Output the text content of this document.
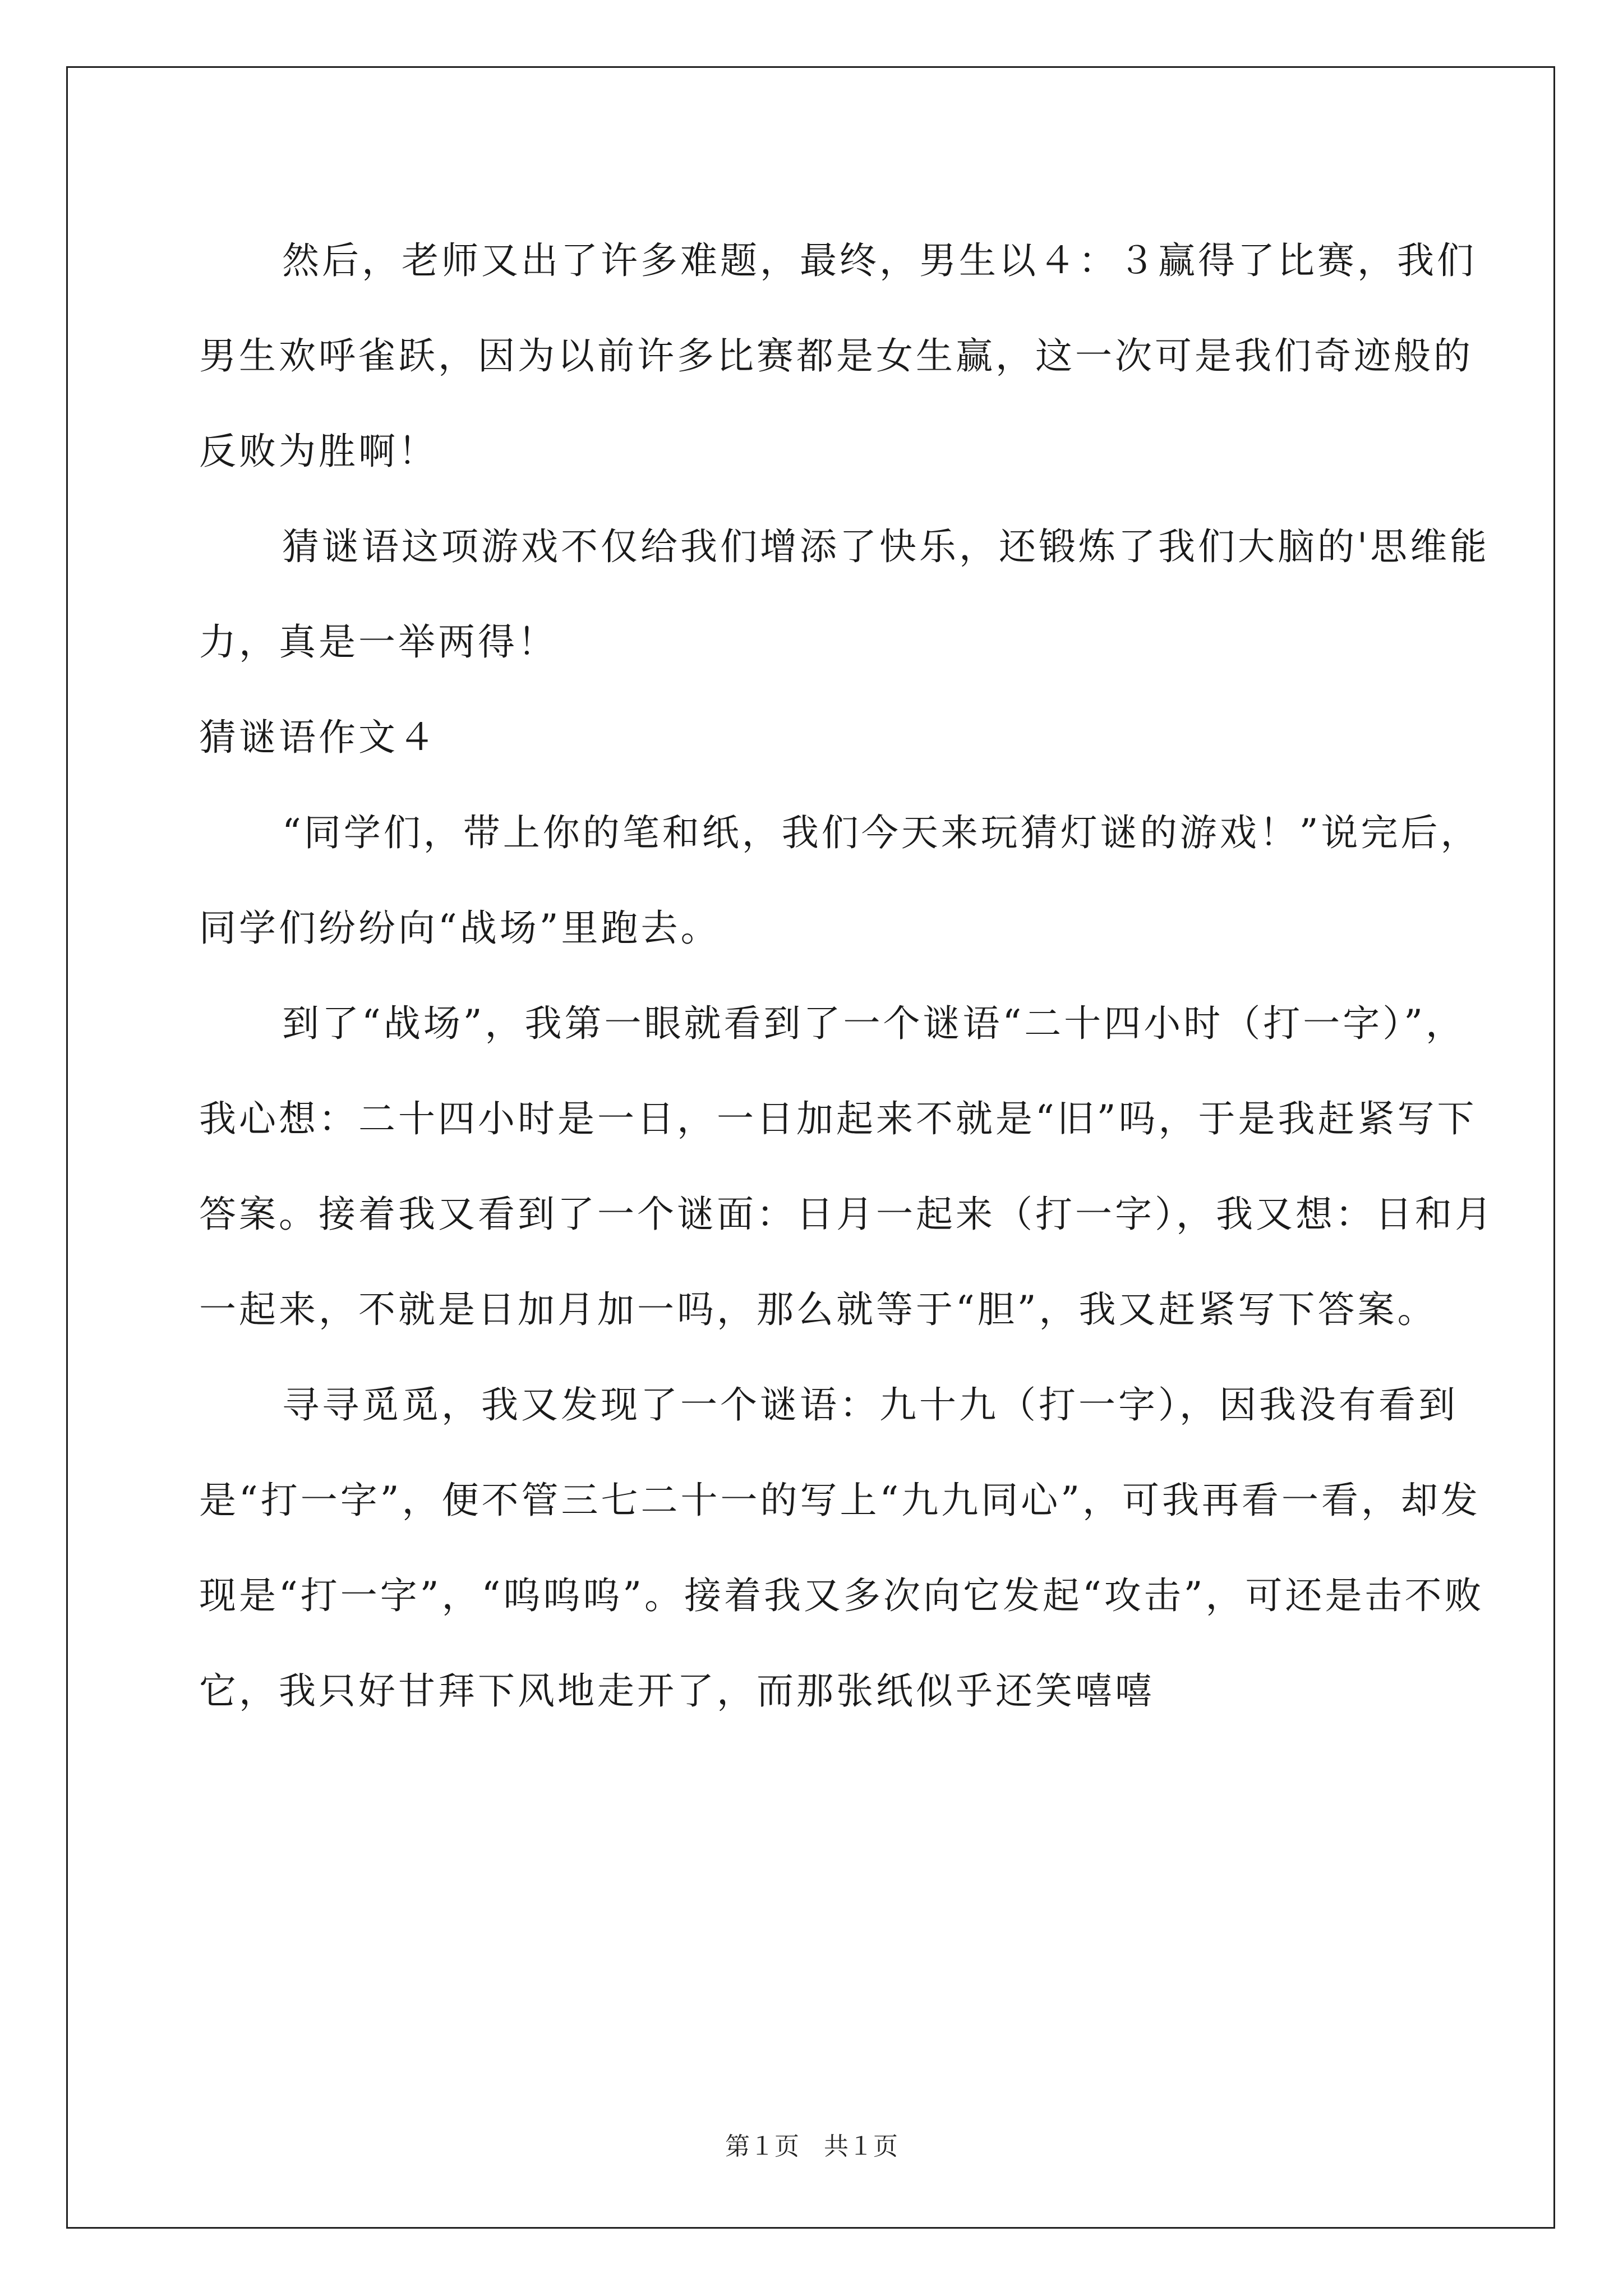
然后，老师又出了许多难题，最终，男生以４：３赢得了比赛，我们男生欢呼雀跃，因为以前许多比赛都是女生赢，这一次可是我们奇迹般的反败为胜啊！

猜谜语这项游戏不仅给我们增添了快乐，还锻炼了我们大脑的'思维能力，真是一举两得！

猜谜语作文４

“同学们，带上你的笔和纸，我们今天来玩猜灯谜的游戏！”说完后，同学们纷纷向“战场”里跑去。

到了“战场”，我第一眼就看到了一个谜语“二十四小时（打一字）”，我心想：二十四小时是一日，一日加起来不就是“旧”吗，于是我赶紧写下答案。接着我又看到了一个谜面：日月一起来（打一字），我又想：日和月一起来，不就是日加月加一吗，那么就等于“胆”，我又赶紧写下答案。

寻寻觅觅，我又发现了一个谜语：九十九（打一字），因我没有看到是“打一字”，便不管三七二十一的写上“九九同心”，可我再看一看，却发现是“打一字”，“呜呜呜”。接着我又多次向它发起“攻击”，可还是击不败它，我只好甘拜下风地走开了，而那张纸似乎还笑嘻嘻

第１页　共１页
